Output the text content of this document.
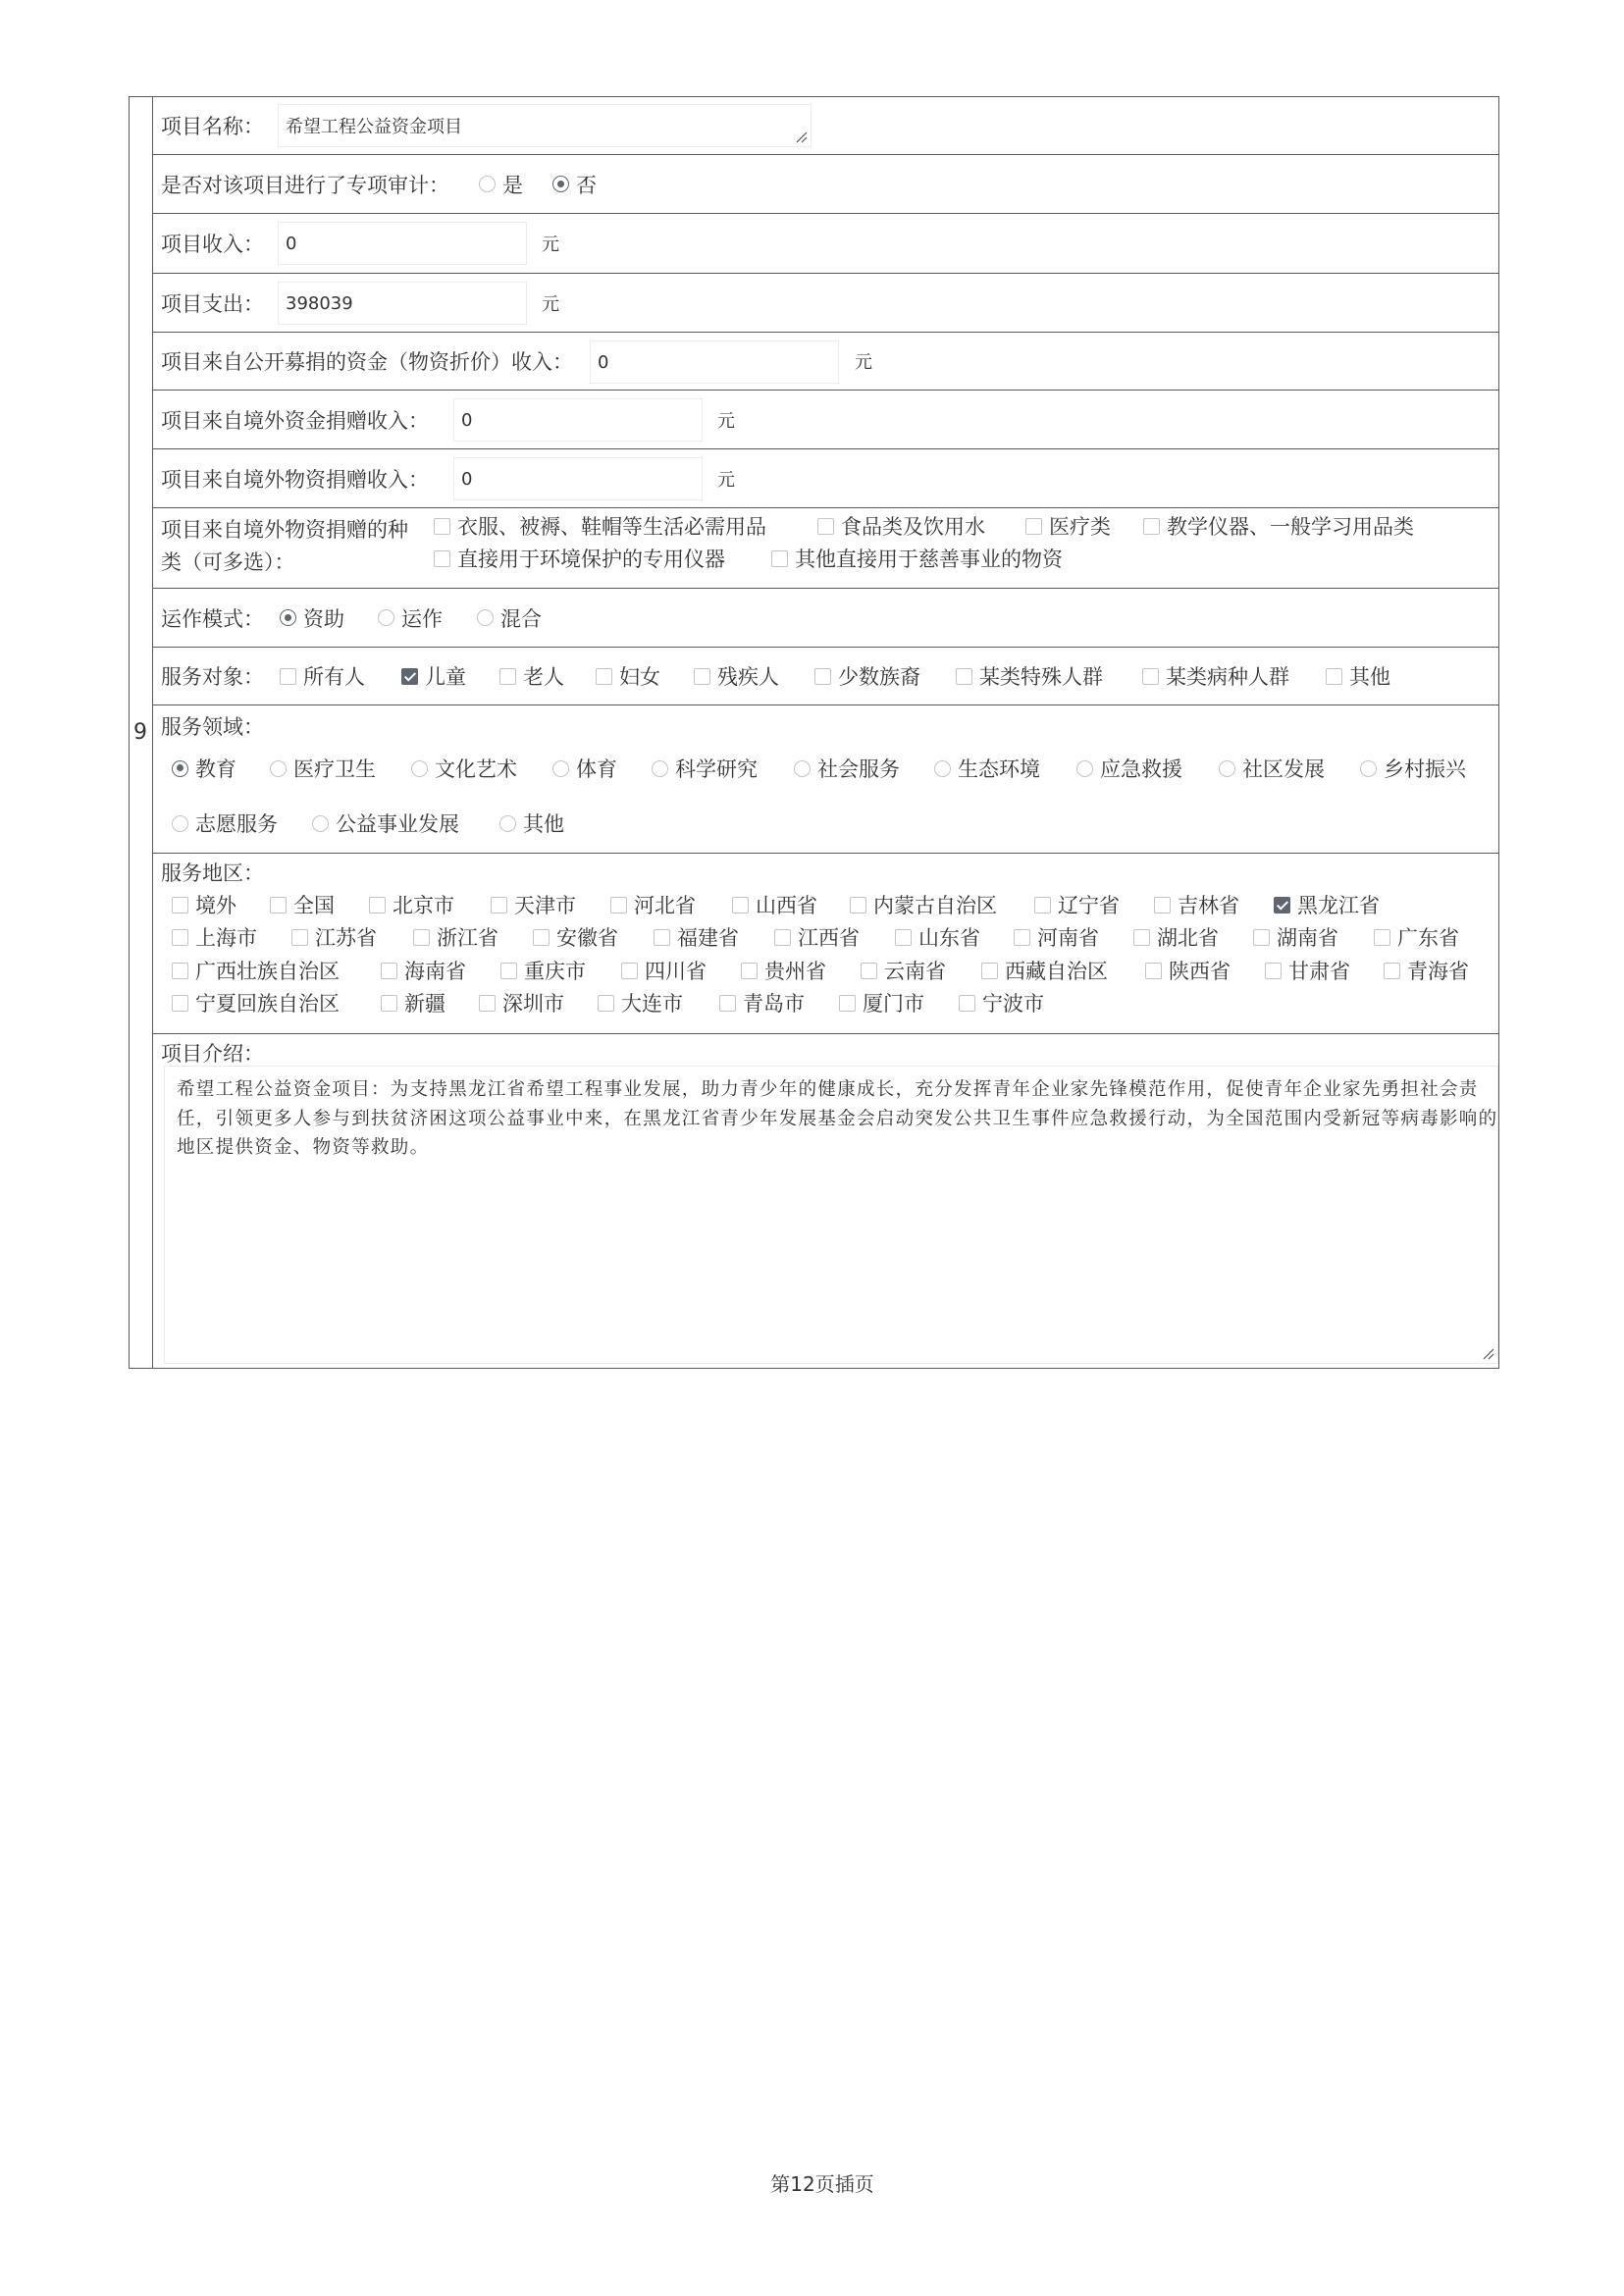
9
项目名称： 希望工程公益资金项目
是否对该项目进行了专项审计：	是	否
项目收入：	0	元
项目支出：	398039	元
项目来自公开募捐的资金（物资折价）收入：	0	元
项目来自境外资金捐赠收入：	0	元
项目来自境外物资捐赠收入：	0	元
项目来自境外物资捐赠的种
类（可多选）：
衣服、被褥、鞋帽等生活必需用品	食品类及饮用水	医疗类	教学仪器、一般学习用品类
直接用于环境保护的专用仪器	其他直接用于慈善事业的物资
运作模式： 资助	运作	混合
服务对象： 所有人	儿童	老人	妇女	残疾人	少数族裔	某类特殊人群	某类病种人群	其他
服务领域：
教育	医疗卫生	文化艺术	体育	科学研究	社会服务	生态环境	应急救援	社区发展	乡村振兴
志愿服务	公益事业发展	其他
服务地区：
境外	全国	北京市	天津市	河北省	山西省	内蒙古自治区	辽宁省	吉林省	黑龙江省
上海市	江苏省	浙江省	安徽省	福建省	江西省	山东省	河南省	湖北省	湖南省	广东省
广西壮族自治区	海南省	重庆市	四川省	贵州省	云南省	西藏自治区	陕西省	甘肃省	青海省
宁夏回族自治区	新疆	深圳市	大连市	青岛市	厦门市	宁波市
项目介绍：
希望工程公益资金项目：为支持黑龙江省希望工程事业发展，助力青少年的健康成长，充分发挥青年企业家先锋模范作用，促使青年企业家先勇担社会责
任，引领更多人参与到扶贫济困这项公益事业中来，在黑龙江省青少年发展基金会启动突发公共卫生事件应急救援行动，为全国范围内受新冠等病毒影响的
地区提供资金、物资等救助。
第12页插页
